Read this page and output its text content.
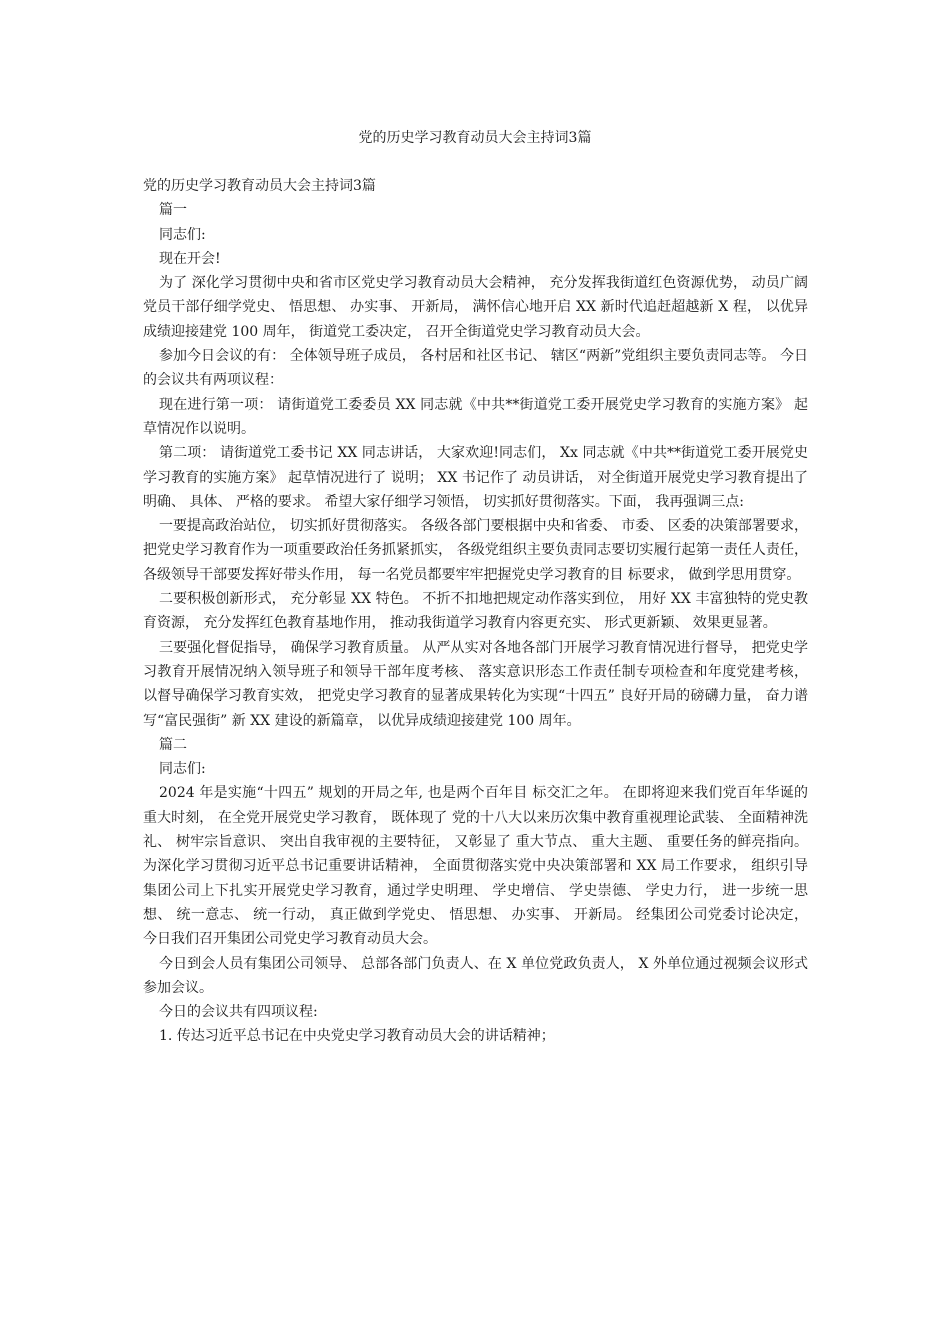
党的历史学习教育动员大会主持词3篇

党的历史学习教育动员大会主持词3篇

篇一

同志们:

现在开会!

为了 深化学习贯彻中央和省市区党史学习教育动员大会精神， 充分发挥我街道红色资源优势， 动员广阔党员干部仔细学党史、 悟思想、 办实事、 开新局， 满怀信心地开启 XX 新时代追赶超越新 X 程， 以优异成绩迎接建党 100 周年， 街道党工委决定， 召开全街道党史学习教育动员大会。

参加今日会议的有： 全体领导班子成员， 各村居和社区书记、 辖区“两新”党组织主要负责同志等。 今日的会议共有两项议程：

现在进行第一项： 请街道党工委委员 XX 同志就《中共**街道党工委开展党史学习教育的实施方案》 起草情况作以说明。

第二项： 请街道党工委书记 XX 同志讲话， 大家欢迎!同志们， Xx 同志就《中共**街道党工委开展党史学习教育的实施方案》 起草情况进行了 说明； XX 书记作了 动员讲话， 对全街道开展党史学习教育提出了 明确、 具体、 严格的要求。 希望大家仔细学习领悟， 切实抓好贯彻落实。下面， 我再强调三点:

一要提高政治站位， 切实抓好贯彻落实。 各级各部门要根据中央和省委、 市委、 区委的决策部署要求， 把党史学习教育作为一项重要政治任务抓紧抓实， 各级党组织主要负责同志要切实履行起第一责任人责任， 各级领导干部要发挥好带头作用， 每一名党员都要牢牢把握党史学习教育的目 标要求， 做到学思用贯穿。

二要积极创新形式， 充分彰显 XX 特色。 不折不扣地把规定动作落实到位， 用好 XX 丰富独特的党史教育资源， 充分发挥红色教育基地作用， 推动我街道学习教育内容更充实、 形式更新颖、 效果更显著。

三要强化督促指导， 确保学习教育质量。 从严从实对各地各部门开展学习教育情况进行督导， 把党史学习教育开展情况纳入领导班子和领导干部年度考核、 落实意识形态工作责任制专项检查和年度党建考核， 以督导确保学习教育实效， 把党史学习教育的显著成果转化为实现“十四五” 良好开局的磅礴力量， 奋力谱写“富民强街” 新 XX 建设的新篇章， 以优异成绩迎接建党 100 周年。

篇二

同志们:

2024 年是实施“十四五” 规划的开局之年, 也是两个百年目 标交汇之年。 在即将迎来我们党百年华诞的重大时刻， 在全党开展党史学习教育， 既体现了 党的十八大以来历次集中教育重视理论武装、 全面精神洗礼、 树牢宗旨意识、 突出自我审视的主要特征， 又彰显了 重大节点、 重大主题、 重要任务的鲜亮指向。 为深化学习贯彻习近平总书记重要讲话精神， 全面贯彻落实党中央决策部署和 XX 局工作要求， 组织引导集团公司上下扎实开展党史学习教育，通过学史明理、 学史增信、 学史崇德、 学史力行， 进一步统一思想、 统一意志、 统一行动， 真正做到学党史、 悟思想、 办实事、 开新局。 经集团公司党委讨论决定， 今日我们召开集团公司党史学习教育动员大会。

今日到会人员有集团公司领导、 总部各部门负责人、在 X 单位党政负责人， X 外单位通过视频会议形式参加会议。

今日的会议共有四项议程:

1. 传达习近平总书记在中央党史学习教育动员大会的讲话精神；
